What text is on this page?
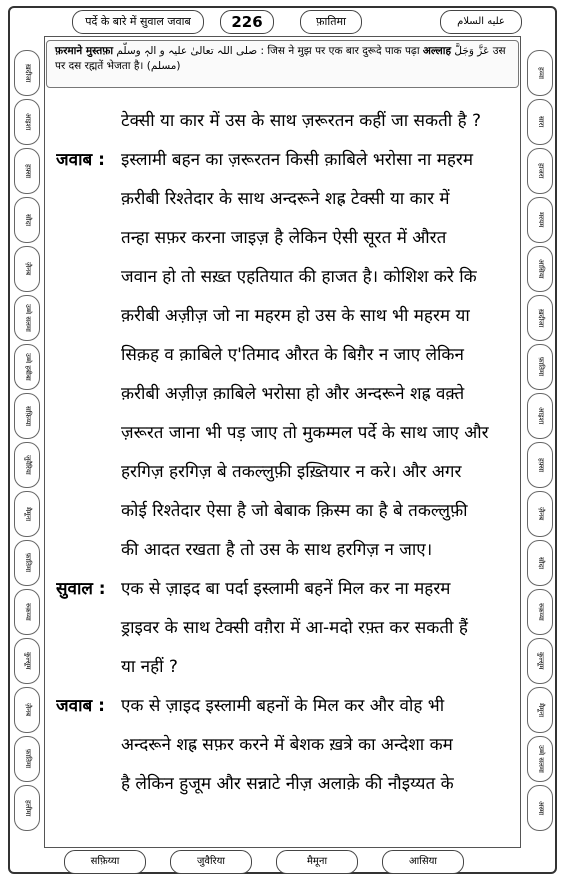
पर्दे के बारे में सुवाल जवाब	226	फ़ातिमा	عليه السلام
फ़रमाने मुस्तफ़ा صلی اللہ تعالیٰ علیہ و الہٖ وسلّم : जिस ने मुझ पर एक बार दुरूदे पाक पढ़ा अल्लाह عَزَّ وَجَلَّ उस पर दस रह्मतें भेजता है। (مسلم)
ख़दीजा
आइशा
हफ़्सा
सौदा
ज़ैनब
उम्मे सलमा
उम्मे हबीबा
सफ़िय्या
जुवैरिया
मैमूना
फ़ातिमा
रुक़य्या
कुल्सूम
ज़ैनब
फ़ातिमा
हलीमा
हव्वा
सारा
हाजरा
मरयम
आसिया
ख़दीजा
फ़ातिमा
आइशा
हफ़्सा
ज़ैनब
सौदा
रुक़य्या
कुल्सूम
मैमूना
उम्मे सलमा
अस्मा
सफ़िय्या	जुवैरिया	मैमूना	आसिया
टेक्सी या कार में उस के साथ ज़रूरतन कहीं जा सकती है ?
जवाब : इस्लामी बहन का ज़रूरतन किसी क़ाबिले भरोसा ना महरम
क़रीबी रिश्तेदार के साथ अन्दरूने शह्र टेक्सी या कार में
तन्हा सफ़र करना जाइज़ है लेकिन ऐसी सूरत में औरत
जवान हो तो सख़्त एहतियात की हाजत है। कोशिश करे कि
क़रीबी अज़ीज़ जो ना महरम हो उस के साथ भी महरम या
सिक़ह व क़ाबिले ए'तिमाद औरत के बिग़ैर न जाए लेकिन
क़रीबी अज़ीज़ क़ाबिले भरोसा हो और अन्दरूने शह्र वक़्ते
ज़रूरत जाना भी पड़ जाए तो मुकम्मल पर्दे के साथ जाए और
हरगिज़ हरगिज़ बे तकल्लुफ़ी इख़्तियार न करे। और अगर
कोई रिश्तेदार ऐसा है जो बेबाक क़िस्म का है बे तकल्लुफ़ी
की आदत रखता है तो उस के साथ हरगिज़ न जाए।
सुवाल : एक से ज़ाइद बा पर्दा इस्लामी बहनें मिल कर ना महरम
ड्राइवर के साथ टेक्सी वग़ैरा में आ-मदो रफ़्त कर सकती हैं
या नहीं ?
जवाब : एक से ज़ाइद इस्लामी बहनों के मिल कर और वोह भी
अन्दरूने शह्र सफ़र करने में बेशक ख़त्रे का अन्देशा कम
है लेकिन हुजूम और सन्नाटे नीज़ अलाक़े की नौइय्यत के
